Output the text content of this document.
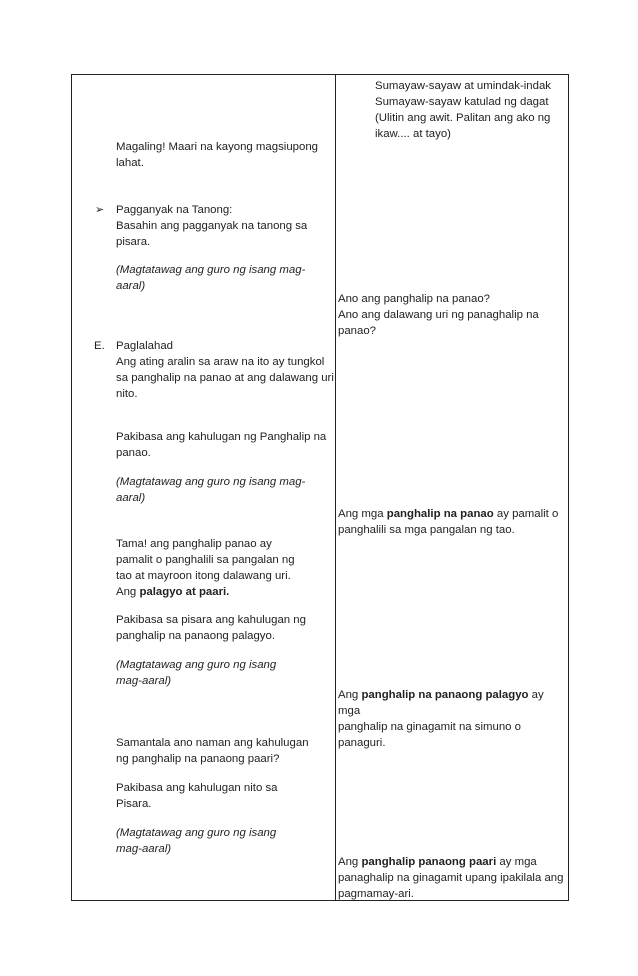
Magaling! Maari na kayong magsiupong
lahat.
➢ Pagganyak na Tanong:
Basahin ang pagganyak na tanong sa
pisara.
(Magtatawag ang guro ng isang mag-
aaral)
E. Paglalahad
Ang ating aralin sa araw na ito ay tungkol
sa panghalip na panao at ang dalawang uri
nito.
Pakibasa ang kahulugan ng Panghalip na
panao.
(Magtatawag ang guro ng isang mag-
aaral)
Tama! ang panghalip panao ay
pamalit o panghalili sa pangalan ng
tao at mayroon itong dalawang uri.
Ang palagyo at paari.
Pakibasa sa pisara ang kahulugan ng
panghalip na panaong palagyo.
(Magtatawag ang guro ng isang
mag-aaral)
Samantala ano naman ang kahulugan
ng panghalip na panaong paari?
Pakibasa ang kahulugan nito sa
Pisara.
(Magtatawag ang guro ng isang
mag-aaral)
Sumayaw-sayaw at umindak-indak
Sumayaw-sayaw katulad ng dagat
(Ulitin ang awit. Palitan ang ako ng
ikaw.... at tayo)
Ano ang panghalip na panao?
Ano ang dalawang uri ng panaghalip na
panao?
Ang mga panghalip na panao ay pamalit o
panghalili sa mga pangalan ng tao.
Ang panghalip na panaong palagyo ay mga
panghalip na ginagamit na simuno o
panaguri.
Ang panghalip panaong paari ay mga
panaghalip na ginagamit upang ipakilala ang
pagmamay-ari.
